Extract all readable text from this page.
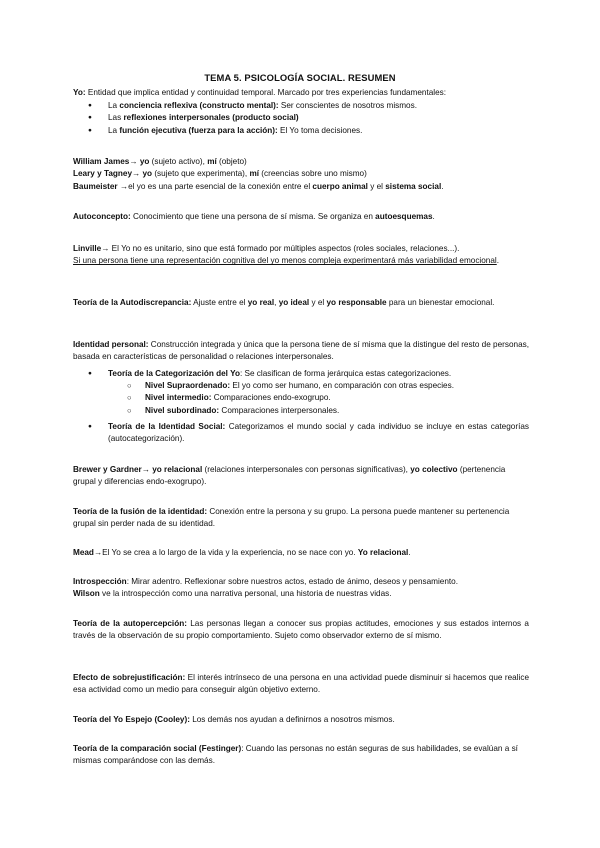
TEMA 5. PSICOLOGÍA SOCIAL. RESUMEN

Yo: Entidad que implica entidad y continuidad temporal. Marcado por tres experiencias fundamentales:

● La conciencia reflexiva (constructo mental): Ser conscientes de nosotros mismos.
● Las reflexiones interpersonales (producto social)
● La función ejecutiva (fuerza para la acción): El Yo toma decisiones.

William James→ yo (sujeto activo), mí (objeto)
Leary y Tagney→ yo (sujeto que experimenta), mí (creencias sobre uno mismo)
Baumeister →el yo es una parte esencial de la conexión entre el cuerpo animal y el sistema social.

Autoconcepto: Conocimiento que tiene una persona de sí misma. Se organiza en autoesquemas.

Linville→ El Yo no es unitario, sino que está formado por múltiples aspectos (roles sociales, relaciones...).
Si una persona tiene una representación cognitiva del yo menos compleja experimentará más variabilidad emocional.

Teoría de la Autodiscrepancia: Ajuste entre el yo real, yo ideal y el yo responsable para un bienestar emocional.

Identidad personal: Construcción integrada y única que la persona tiene de sí misma que la distingue del resto de personas, basada en características de personalidad o relaciones interpersonales.

● Teoría de la Categorización del Yo: Se clasifican de forma jerárquica estas categorizaciones.
○ Nivel Supraordenado: El yo como ser humano, en comparación con otras especies.
○ Nivel intermedio: Comparaciones endo-exogrupo.
○ Nivel subordinado: Comparaciones interpersonales.
● Teoría de la Identidad Social: Categorizamos el mundo social y cada individuo se incluye en estas categorías (autocategorización).

Brewer y Gardner→ yo relacional (relaciones interpersonales con personas significativas), yo colectivo (pertenencia grupal y diferencias endo-exogrupo).

Teoría de la fusión de la identidad: Conexión entre la persona y su grupo. La persona puede mantener su pertenencia grupal sin perder nada de su identidad.

Mead→El Yo se crea a lo largo de la vida y la experiencia, no se nace con yo. Yo relacional.

Introspección: Mirar adentro. Reflexionar sobre nuestros actos, estado de ánimo, deseos y pensamiento.
Wilson ve la introspección como una narrativa personal, una historia de nuestras vidas.

Teoría de la autopercepción: Las personas llegan a conocer sus propias actitudes, emociones y sus estados internos a través de la observación de su propio comportamiento. Sujeto como observador externo de sí mismo.

Efecto de sobrejustificación: El interés intrínseco de una persona en una actividad puede disminuir si hacemos que realice esa actividad como un medio para conseguir algún objetivo externo.

Teoría del Yo Espejo (Cooley): Los demás nos ayudan a definirnos a nosotros mismos.

Teoría de la comparación social (Festinger): Cuando las personas no están seguras de sus habilidades, se evalúan a sí mismas comparándose con las demás.
